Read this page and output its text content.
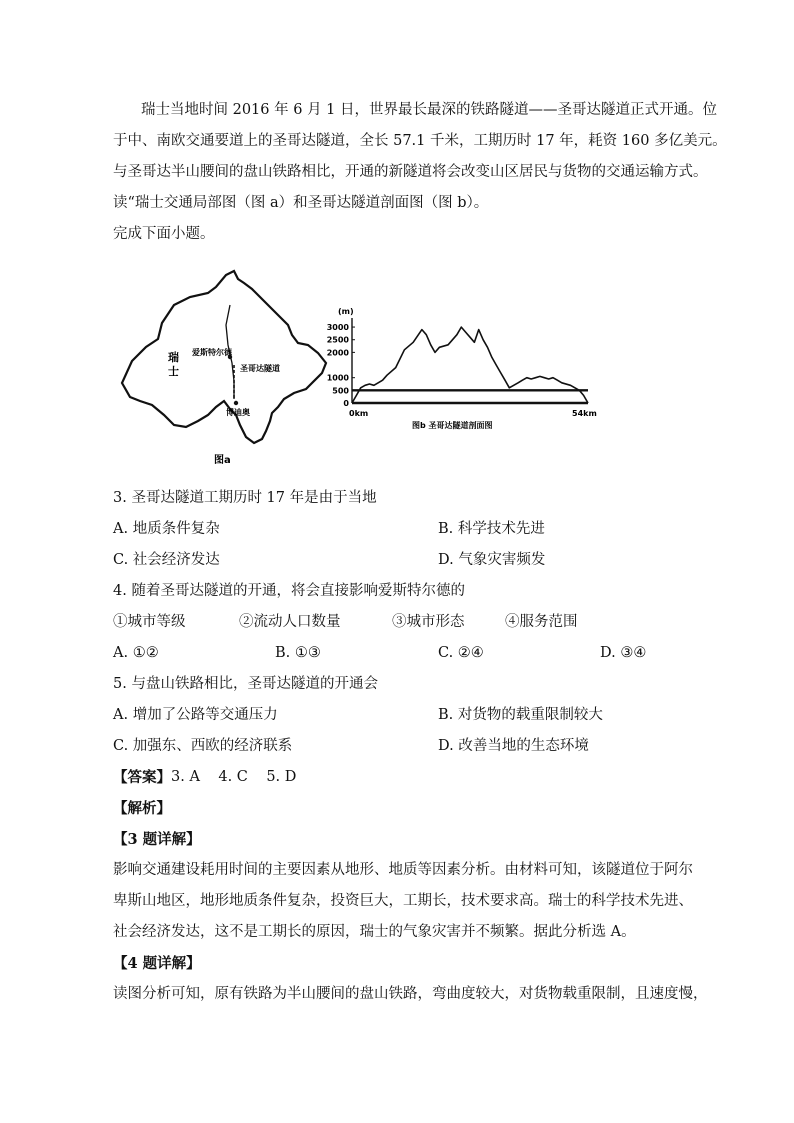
瑞士当地时间 2016 年 6 月 1 日，世界最长最深的铁路隧道——圣哥达隧道正式开通。位
于中、南欧交通要道上的圣哥达隧道，全长 57.1 千米，工期历时 17 年，耗资 160 多亿美元。
与圣哥达半山腰间的盘山铁路相比，开通的新隧道将会改变山区居民与货物的交通运输方式。
读“瑞士交通局部图（图 a）和圣哥达隧道剖面图（图 b）。
完成下面小题。
瑞
士
爱斯特尔德
圣哥达隧道
博迪奥
图a
(m)
3000
2500
2000
1000
500
0
0km	54km
图b 圣哥达隧道剖面图
3. 圣哥达隧道工期历时 17 年是由于当地
A. 地质条件复杂	B. 科学技术先进
C. 社会经济发达	D. 气象灾害频发
4. 随着圣哥达隧道的开通，将会直接影响爱斯特尔德的
①城市等级	②流动人口数量	③城市形态	④服务范围
A. ①②	B. ①③	C. ②④	D. ③④
5. 与盘山铁路相比，圣哥达隧道的开通会
A. 增加了公路等交通压力	B. 对货物的载重限制较大
C. 加强东、西欧的经济联系	D. 改善当地的生态环境
【答案】 3. A    4. C    5. D
【解析】
【3 题详解】
影响交通建设耗用时间的主要因素从地形、地质等因素分析。由材料可知，该隧道位于阿尔
卑斯山地区，地形地质条件复杂，投资巨大，工期长，技术要求高。瑞士的科学技术先进、
社会经济发达，这不是工期长的原因，瑞士的气象灾害并不频繁。据此分析选 A。
【4 题详解】
读图分析可知，原有铁路为半山腰间的盘山铁路，弯曲度较大，对货物载重限制，且速度慢，
